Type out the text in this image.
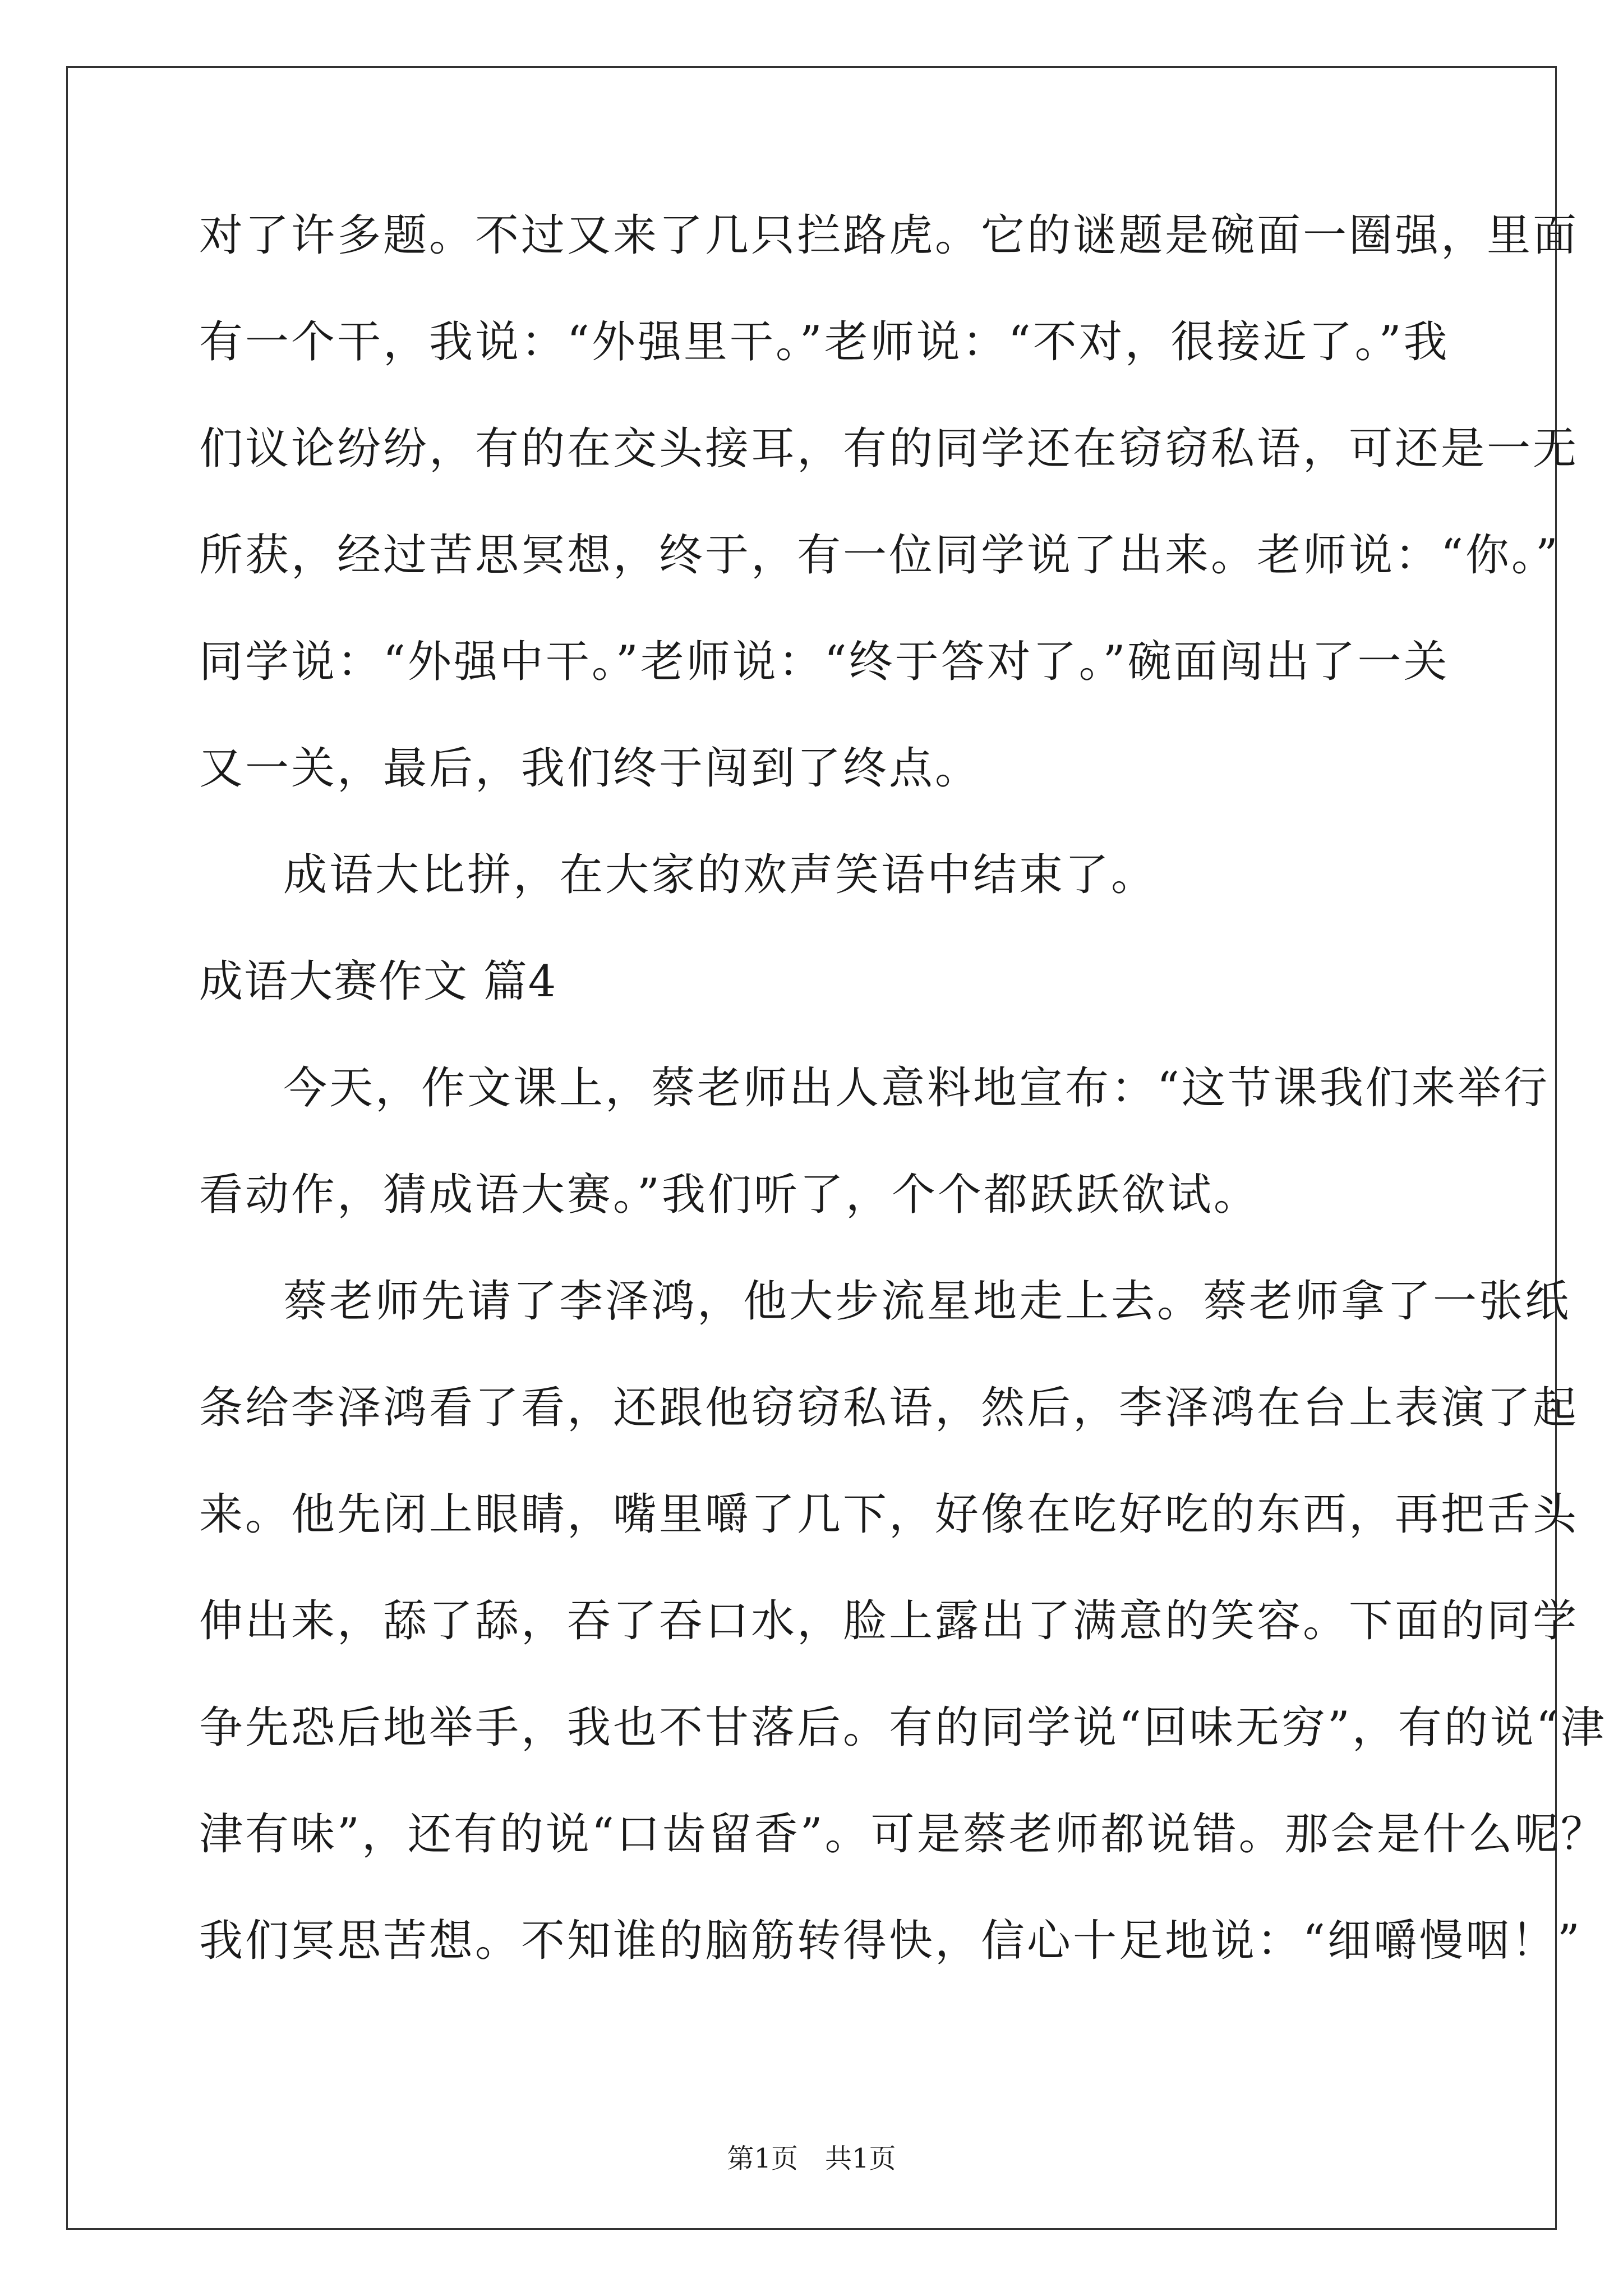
对了许多题。不过又来了几只拦路虎。它的谜题是碗面一圈强，里面
有一个干，我说：“外强里干。”老师说：“不对，很接近了。”我
们议论纷纷，有的在交头接耳，有的同学还在窃窃私语，可还是一无
所获，经过苦思冥想，终于，有一位同学说了出来。老师说：“你。”
同学说：“外强中干。”老师说：“终于答对了。”碗面闯出了一关
又一关，最后，我们终于闯到了终点。
成语大比拼，在大家的欢声笑语中结束了。
成语大赛作文 篇4
今天，作文课上，蔡老师出人意料地宣布：“这节课我们来举行
看动作，猜成语大赛。”我们听了，个个都跃跃欲试。
蔡老师先请了李泽鸿，他大步流星地走上去。蔡老师拿了一张纸
条给李泽鸿看了看，还跟他窃窃私语，然后，李泽鸿在台上表演了起
来。他先闭上眼睛，嘴里嚼了几下，好像在吃好吃的东西，再把舌头
伸出来，舔了舔，吞了吞口水，脸上露出了满意的笑容。下面的同学
争先恐后地举手，我也不甘落后。有的同学说“回味无穷”，有的说“津
津有味”，还有的说“口齿留香”。可是蔡老师都说错。那会是什么呢？
我们冥思苦想。不知谁的脑筋转得快，信心十足地说：“细嚼慢咽！”
第1页　共1页
